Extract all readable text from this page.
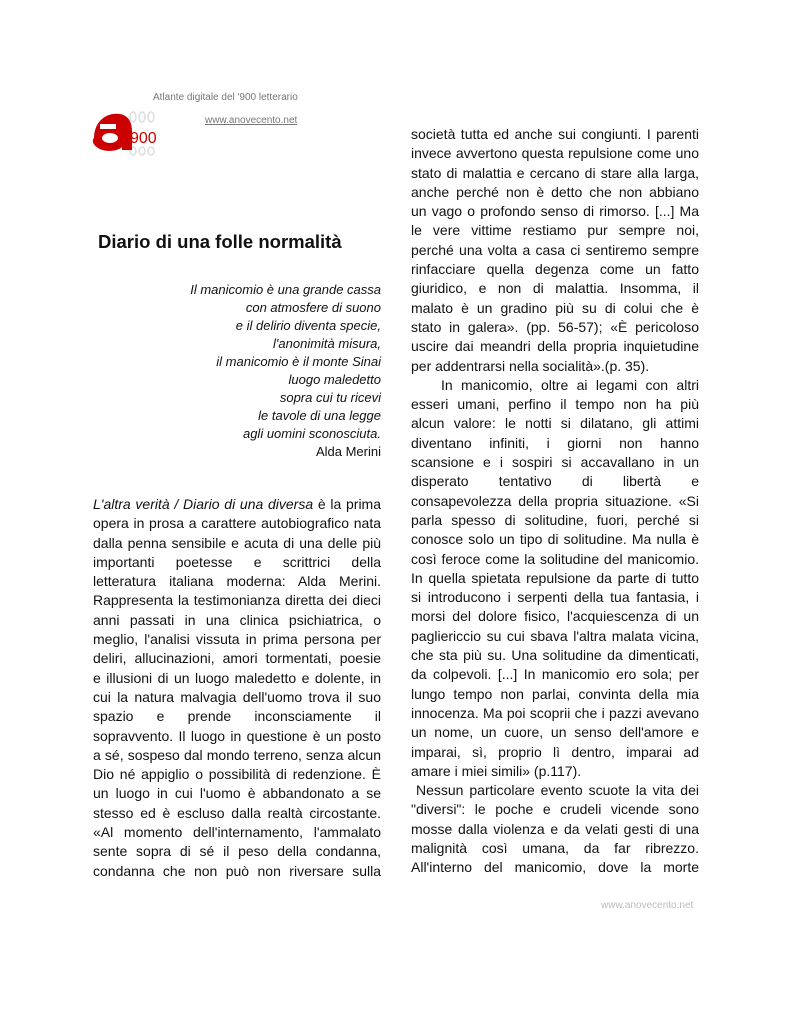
Atlante digitale del '900 letterario
www.anovecento.net
900
Diario di una folle normalità
Il manicomio è una grande cassa
con atmosfere di suono
e il delirio diventa specie,
l'anonimità misura,
il manicomio è il monte Sinai
luogo maledetto
sopra cui tu ricevi
le tavole di una legge
agli uomini sconosciuta.
Alda Merini
L'altra verità / Diario di una diversa è la prima
opera in prosa a carattere autobiografico nata
dalla penna sensibile e acuta di una delle più
importanti poetesse e scrittrici della
letteratura italiana moderna: Alda Merini.
Rappresenta la testimonianza diretta dei dieci
anni passati in una clinica psichiatrica, o
meglio, l'analisi vissuta in prima persona per
deliri, allucinazioni, amori tormentati, poesie
e illusioni di un luogo maledetto e dolente, in
cui la natura malvagia dell'uomo trova il suo
spazio e prende inconsciamente il
sopravvento. Il luogo in questione è un posto
a sé, sospeso dal mondo terreno, senza alcun
Dio né appiglio o possibilità di redenzione. È
un luogo in cui l'uomo è abbandonato a se
stesso ed è escluso dalla realtà circostante.
«Al momento dell'internamento, l'ammalato
sente sopra di sé il peso della condanna,
condanna che non può non riversare sulla
società tutta ed anche sui congiunti. I parenti
invece avvertono questa repulsione come uno
stato di malattia e cercano di stare alla larga,
anche perché non è detto che non abbiano
un vago o profondo senso di rimorso. [...] Ma
le vere vittime restiamo pur sempre noi,
perché una volta a casa ci sentiremo sempre
rinfacciare quella degenza come un fatto
giuridico, e non di malattia. Insomma, il
malato è un gradino più su di colui che è
stato in galera». (pp. 56-57); «È pericoloso
uscire dai meandri della propria inquietudine
per addentrarsi nella socialità».(p. 35).
In manicomio, oltre ai legami con altri
esseri umani, perfino il tempo non ha più
alcun valore: le notti si dilatano, gli attimi
diventano infiniti, i giorni non hanno
scansione e i sospiri si accavallano in un
disperato tentativo di libertà e
consapevolezza della propria situazione. «Si
parla spesso di solitudine, fuori, perché si
conosce solo un tipo di solitudine. Ma nulla è
così feroce come la solitudine del manicomio.
In quella spietata repulsione da parte di tutto
si introducono i serpenti della tua fantasia, i
morsi del dolore fisico, l'acquiescenza di un
pagliericcio su cui sbava l'altra malata vicina,
che sta più su. Una solitudine da dimenticati,
da colpevoli. [...] In manicomio ero sola; per
lungo tempo non parlai, convinta della mia
innocenza. Ma poi scoprii che i pazzi avevano
un nome, un cuore, un senso dell'amore e
imparai, sì, proprio lì dentro, imparai ad
amare i miei simili» (p.117).
Nessun particolare evento scuote la vita dei
"diversi": le poche e crudeli vicende sono
mosse dalla violenza e da velati gesti di una
malignità così umana, da far ribrezzo.
All'interno del manicomio, dove la morte
www.anovecento.net
